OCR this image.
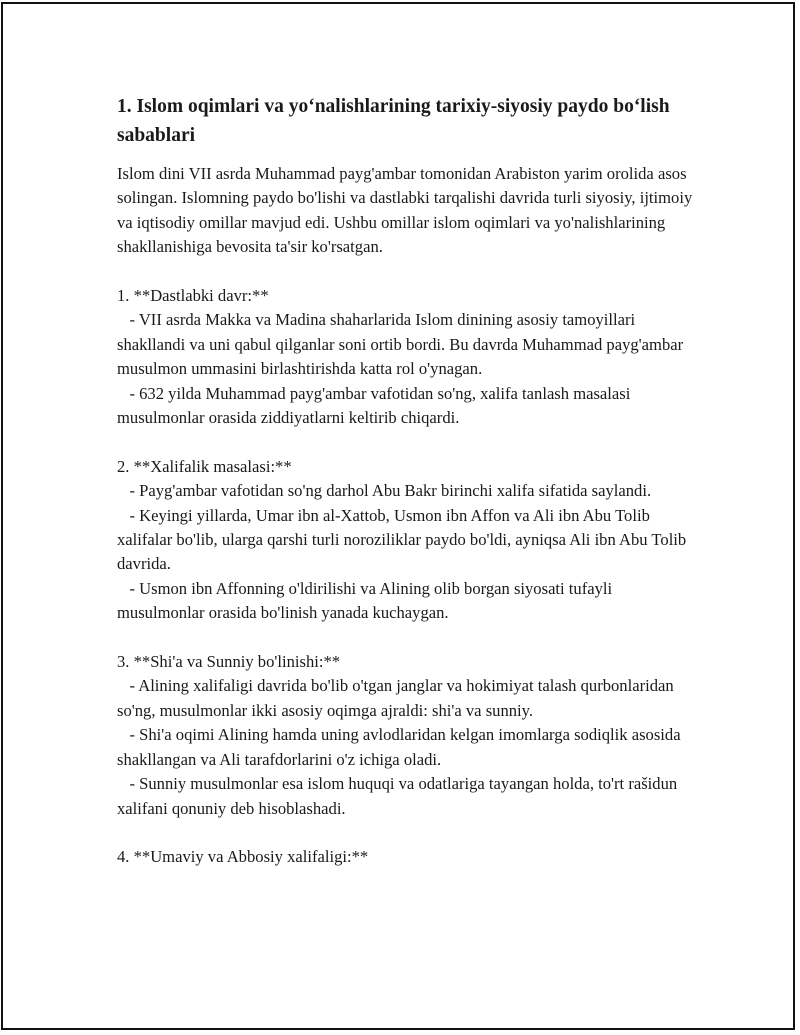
1. Islom oqimlari va yo‘nalishlarining tarixiy-siyosiy paydo bo‘lish sabablari

Islom dini VII asrda Muhammad payg'ambar tomonidan Arabiston yarim orolida asos solingan. Islomning paydo bo'lishi va dastlabki tarqalishi davrida turli siyosiy, ijtimoiy va iqtisodiy omillar mavjud edi. Ushbu omillar islom oqimlari va yo'nalishlarining shakllanishiga bevosita ta'sir ko'rsatgan.

1. **Dastlabki davr:**

- VII asrda Makka va Madina shaharlarida Islom dinining asosiy tamoyillari shakllandi va uni qabul qilganlar soni ortib bordi. Bu davrda Muhammad payg'ambar musulmon ummasini birlashtirishda katta rol o'ynagan.

- 632 yilda Muhammad payg'ambar vafotidan so'ng, xalifa tanlash masalasi musulmonlar orasida ziddiyatlarni keltirib chiqardi.

2. **Xalifalik masalasi:**

- Payg'ambar vafotidan so'ng darhol Abu Bakr birinchi xalifa sifatida saylandi.

- Keyingi yillarda, Umar ibn al-Xattob, Usmon ibn Affon va Ali ibn Abu Tolib xalifalar bo'lib, ularga qarshi turli noroziliklar paydo bo'ldi, ayniqsa Ali ibn Abu Tolib davrida.

- Usmon ibn Affonning o'ldirilishi va Alining olib borgan siyosati tufayli musulmonlar orasida bo'linish yanada kuchaygan.

3. **Shi'a va Sunniy bo'linishi:**

- Alining xalifaligi davrida bo'lib o'tgan janglar va hokimiyat talash qurbonlaridan so'ng, musulmonlar ikki asosiy oqimga ajraldi: shi'a va sunniy.

- Shi'a oqimi Alining hamda uning avlodlaridan kelgan imomlarga sodiqlik asosida shakllangan va Ali tarafdorlarini o'z ichiga oladi.

- Sunniy musulmonlar esa islom huquqi va odatlariga tayangan holda, to'rt rašidun xalifani qonuniy deb hisoblashadi.

4. **Umaviy va Abbosiy xalifaligi:**
